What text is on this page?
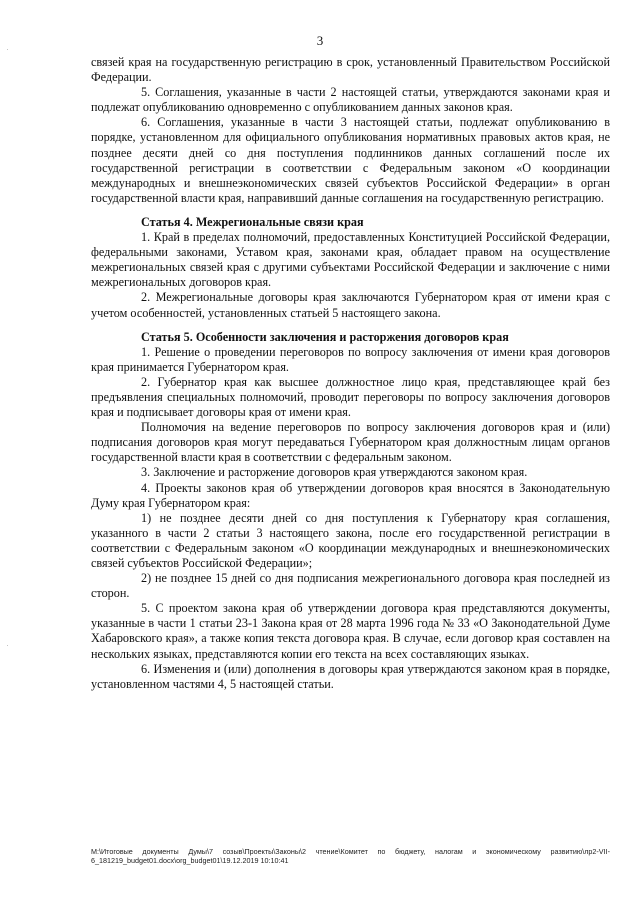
·
·
3

связей края на государственную регистрацию в срок, установленный Правительством Российской Федерации.

5. Соглашения, указанные в части 2 настоящей статьи, утверждаются законами края и подлежат опубликованию одновременно с опубликованием данных законов края.

6. Соглашения, указанные в части 3 настоящей статьи, подлежат опубликованию в порядке, установленном для официального опубликования нормативных правовых актов края, не позднее десяти дней со дня поступления подлинников данных соглашений после их государственной регистрации в соответствии с Федеральным законом «О координации международных и внешнеэкономических связей субъектов Российской Федерации» в орган государственной власти края, направивший данные соглашения на государственную регистрацию.

Статья 4. Межрегиональные связи края

1. Край в пределах полномочий, предоставленных Конституцией Российской Федерации, федеральными законами, Уставом края, законами края, обладает правом на осуществление межрегиональных связей края с другими субъектами Российской Федерации и заключение с ними межрегиональных договоров края.

2. Межрегиональные договоры края заключаются Губернатором края от имени края с учетом особенностей, установленных статьей 5 настоящего закона.

Статья 5. Особенности заключения и расторжения договоров края

1. Решение о проведении переговоров по вопросу заключения от имени края договоров края принимается Губернатором края.

2. Губернатор края как высшее должностное лицо края, представляющее край без предъявления специальных полномочий, проводит переговоры по вопросу заключения договоров края и подписывает договоры края от имени края.

Полномочия на ведение переговоров по вопросу заключения договоров края и (или) подписания договоров края могут передаваться Губернатором края должностным лицам органов государственной власти края в соответствии с федеральным законом.

3. Заключение и расторжение договоров края утверждаются законом края.

4. Проекты законов края об утверждении договоров края вносятся в Законодательную Думу края Губернатором края:

1) не позднее десяти дней со дня поступления к Губернатору края соглашения, указанного в части 2 статьи 3 настоящего закона, после его государственной регистрации в соответствии с Федеральным законом «О координации международных и внешнеэкономических связей субъектов Российской Федерации»;

2) не позднее 15 дней со дня подписания межрегионального договора края последней из сторон.

5. С проектом закона края об утверждении договора края представляются документы, указанные в части 1 статьи 23-1 Закона края от 28 марта 1996 года № 33 «О Законодательной Думе Хабаровского края», а также копия текста договора края. В случае, если договор края составлен на нескольких языках, представляются копии его текста на всех составляющих языках.

6. Изменения и (или) дополнения в договоры края утверждаются законом края в порядке, установленном частями 4, 5 настоящей статьи.

M:\Итоговые документы Думы\7 созыв\Проекты\Законы\2 чтение\Комитет по бюджету, налогам и экономическому развитию\лр2-VII-6_181219_budget01.docx\org_budget01\19.12.2019 10:10:41
